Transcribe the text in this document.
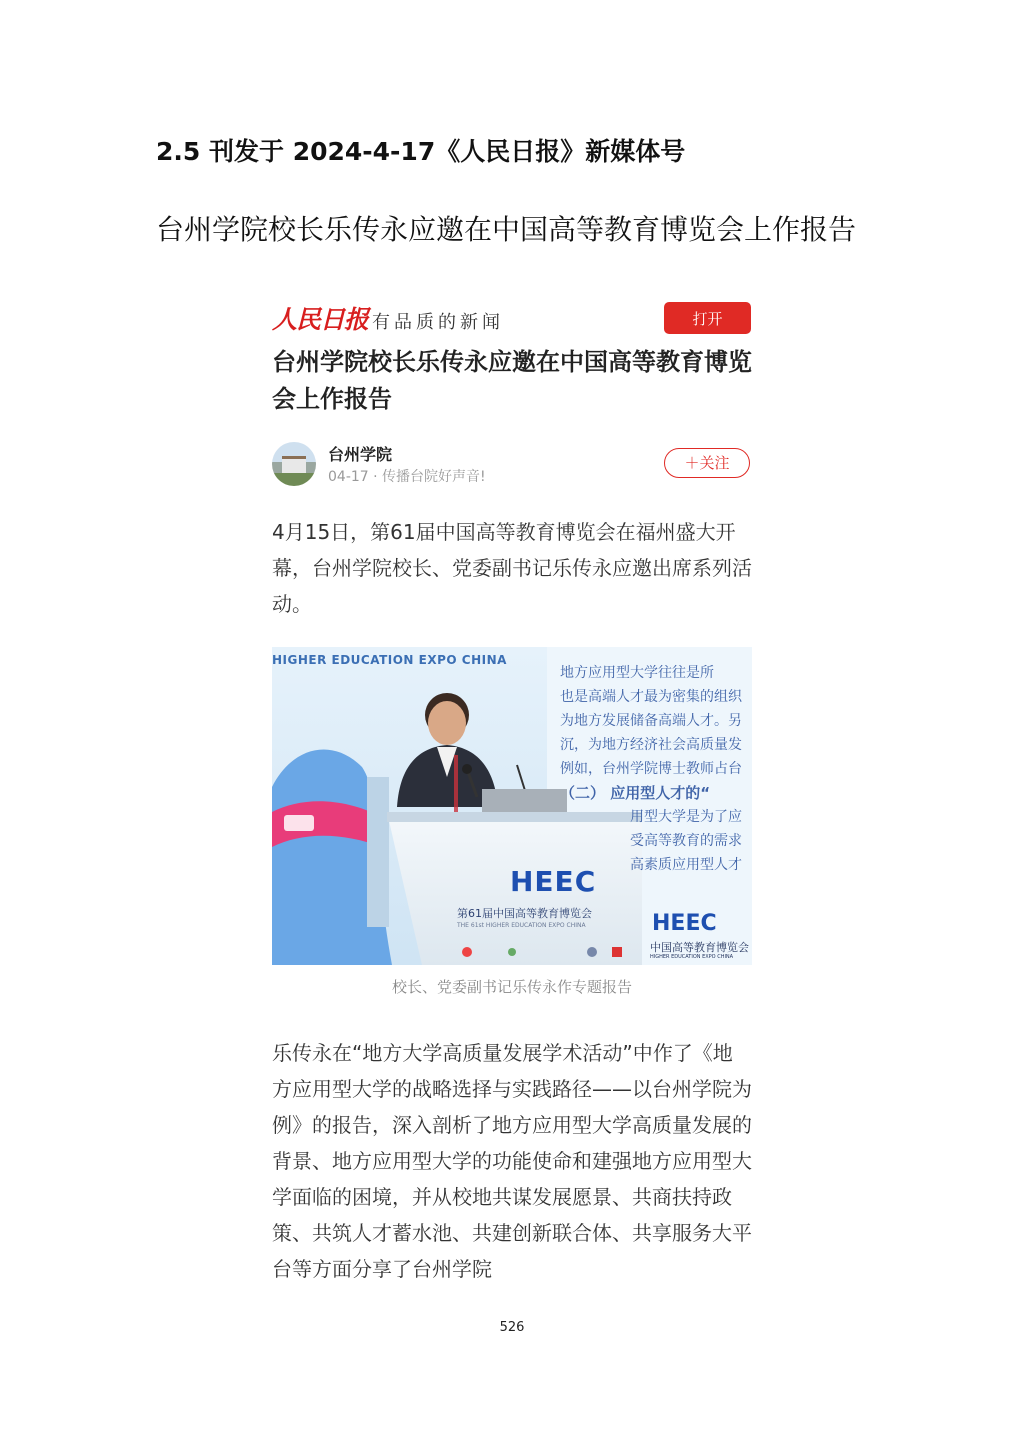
2.5 刊发于 2024-4-17《人民日报》新媒体号
台州学院校长乐传永应邀在中国高等教育博览会上作报告
人民日报 有品质的新闻	打开
台州学院校长乐传永应邀在中国高等教育博览会上作报告
台州学院
04-17 · 传播台院好声音!
＋关注

4月15日，第61届中国高等教育博览会在福州盛大开幕，台州学院校长、党委副书记乐传永应邀出席系列活动。

HIGHER EDUCATION EXPO CHINA
地方应用型大学往往是所
也是高端人才最为密集的组织
为地方发展储备高端人才。另
沉，为地方经济社会高质量发
例如，台州学院博士教师占台
（二） 应用型人才的“
用型大学是为了应
受高等教育的需求
高素质应用型人才
HEEC
第61届中国高等教育博览会
THE 61st HIGHER EDUCATION EXPO CHINA	HEEC
中国高等教育博览会
HIGHER EDUCATION EXPO CHINA
校长、党委副书记乐传永作专题报告

乐传永在“地方大学高质量发展学术活动”中作了《地方应用型大学的战略选择与实践路径——以台州学院为例》的报告，深入剖析了地方应用型大学高质量发展的背景、地方应用型大学的功能使命和建强地方应用型大学面临的困境，并从校地共谋发展愿景、共商扶持政策、共筑人才蓄水池、共建创新联合体、共享服务大平台等方面分享了台州学院

526
